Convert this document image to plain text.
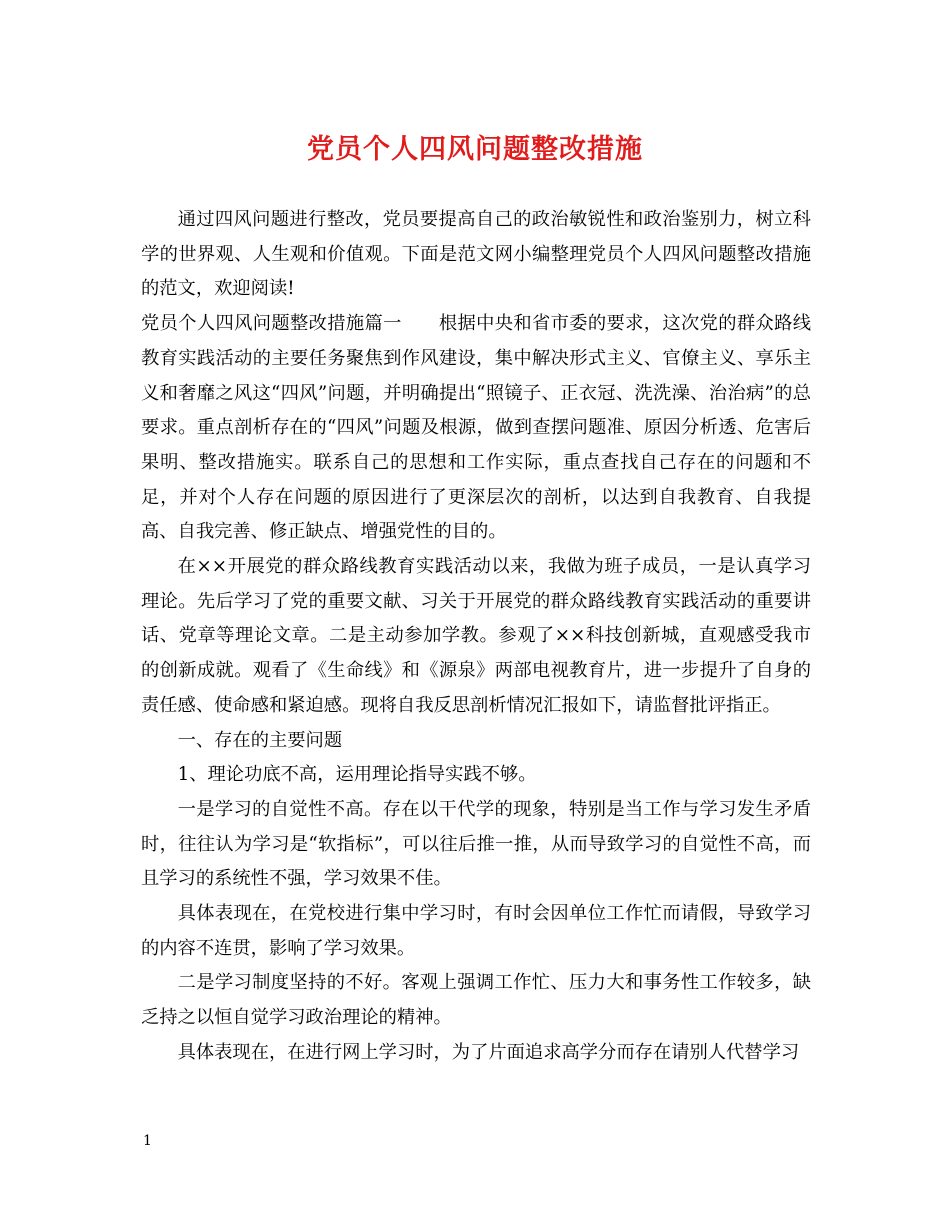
党员个人四风问题整改措施

通过四风问题进行整改，党员要提高自己的政治敏锐性和政治鉴别力，树立科学的世界观、人生观和价值观。下面是范文网小编整理党员个人四风问题整改措施的范文，欢迎阅读!

党员个人四风问题整改措施篇一　　根据中央和省市委的要求，这次党的群众路线教育实践活动的主要任务聚焦到作风建设，集中解决形式主义、官僚主义、享乐主义和奢靡之风这“四风”问题，并明确提出“照镜子、正衣冠、洗洗澡、治治病”的总要求。重点剖析存在的“四风”问题及根源，做到查摆问题准、原因分析透、危害后果明、整改措施实。联系自己的思想和工作实际，重点查找自己存在的问题和不足，并对个人存在问题的原因进行了更深层次的剖析，以达到自我教育、自我提高、自我完善、修正缺点、增强党性的目的。

在××开展党的群众路线教育实践活动以来，我做为班子成员，一是认真学习理论。先后学习了党的重要文献、习关于开展党的群众路线教育实践活动的重要讲话、党章等理论文章。二是主动参加学教。参观了××科技创新城，直观感受我市的创新成就。观看了《生命线》和《源泉》两部电视教育片，进一步提升了自身的责任感、使命感和紧迫感。现将自我反思剖析情况汇报如下，请监督批评指正。

一、存在的主要问题

1、理论功底不高，运用理论指导实践不够。

一是学习的自觉性不高。存在以干代学的现象，特别是当工作与学习发生矛盾时，往往认为学习是“软指标”，可以往后推一推，从而导致学习的自觉性不高，而且学习的系统性不强，学习效果不佳。

具体表现在，在党校进行集中学习时，有时会因单位工作忙而请假，导致学习的内容不连贯，影响了学习效果。

二是学习制度坚持的不好。客观上强调工作忙、压力大和事务性工作较多，缺乏持之以恒自觉学习政治理论的精神。

具体表现在，在进行网上学习时，为了片面追求高学分而存在请别人代替学习

1
